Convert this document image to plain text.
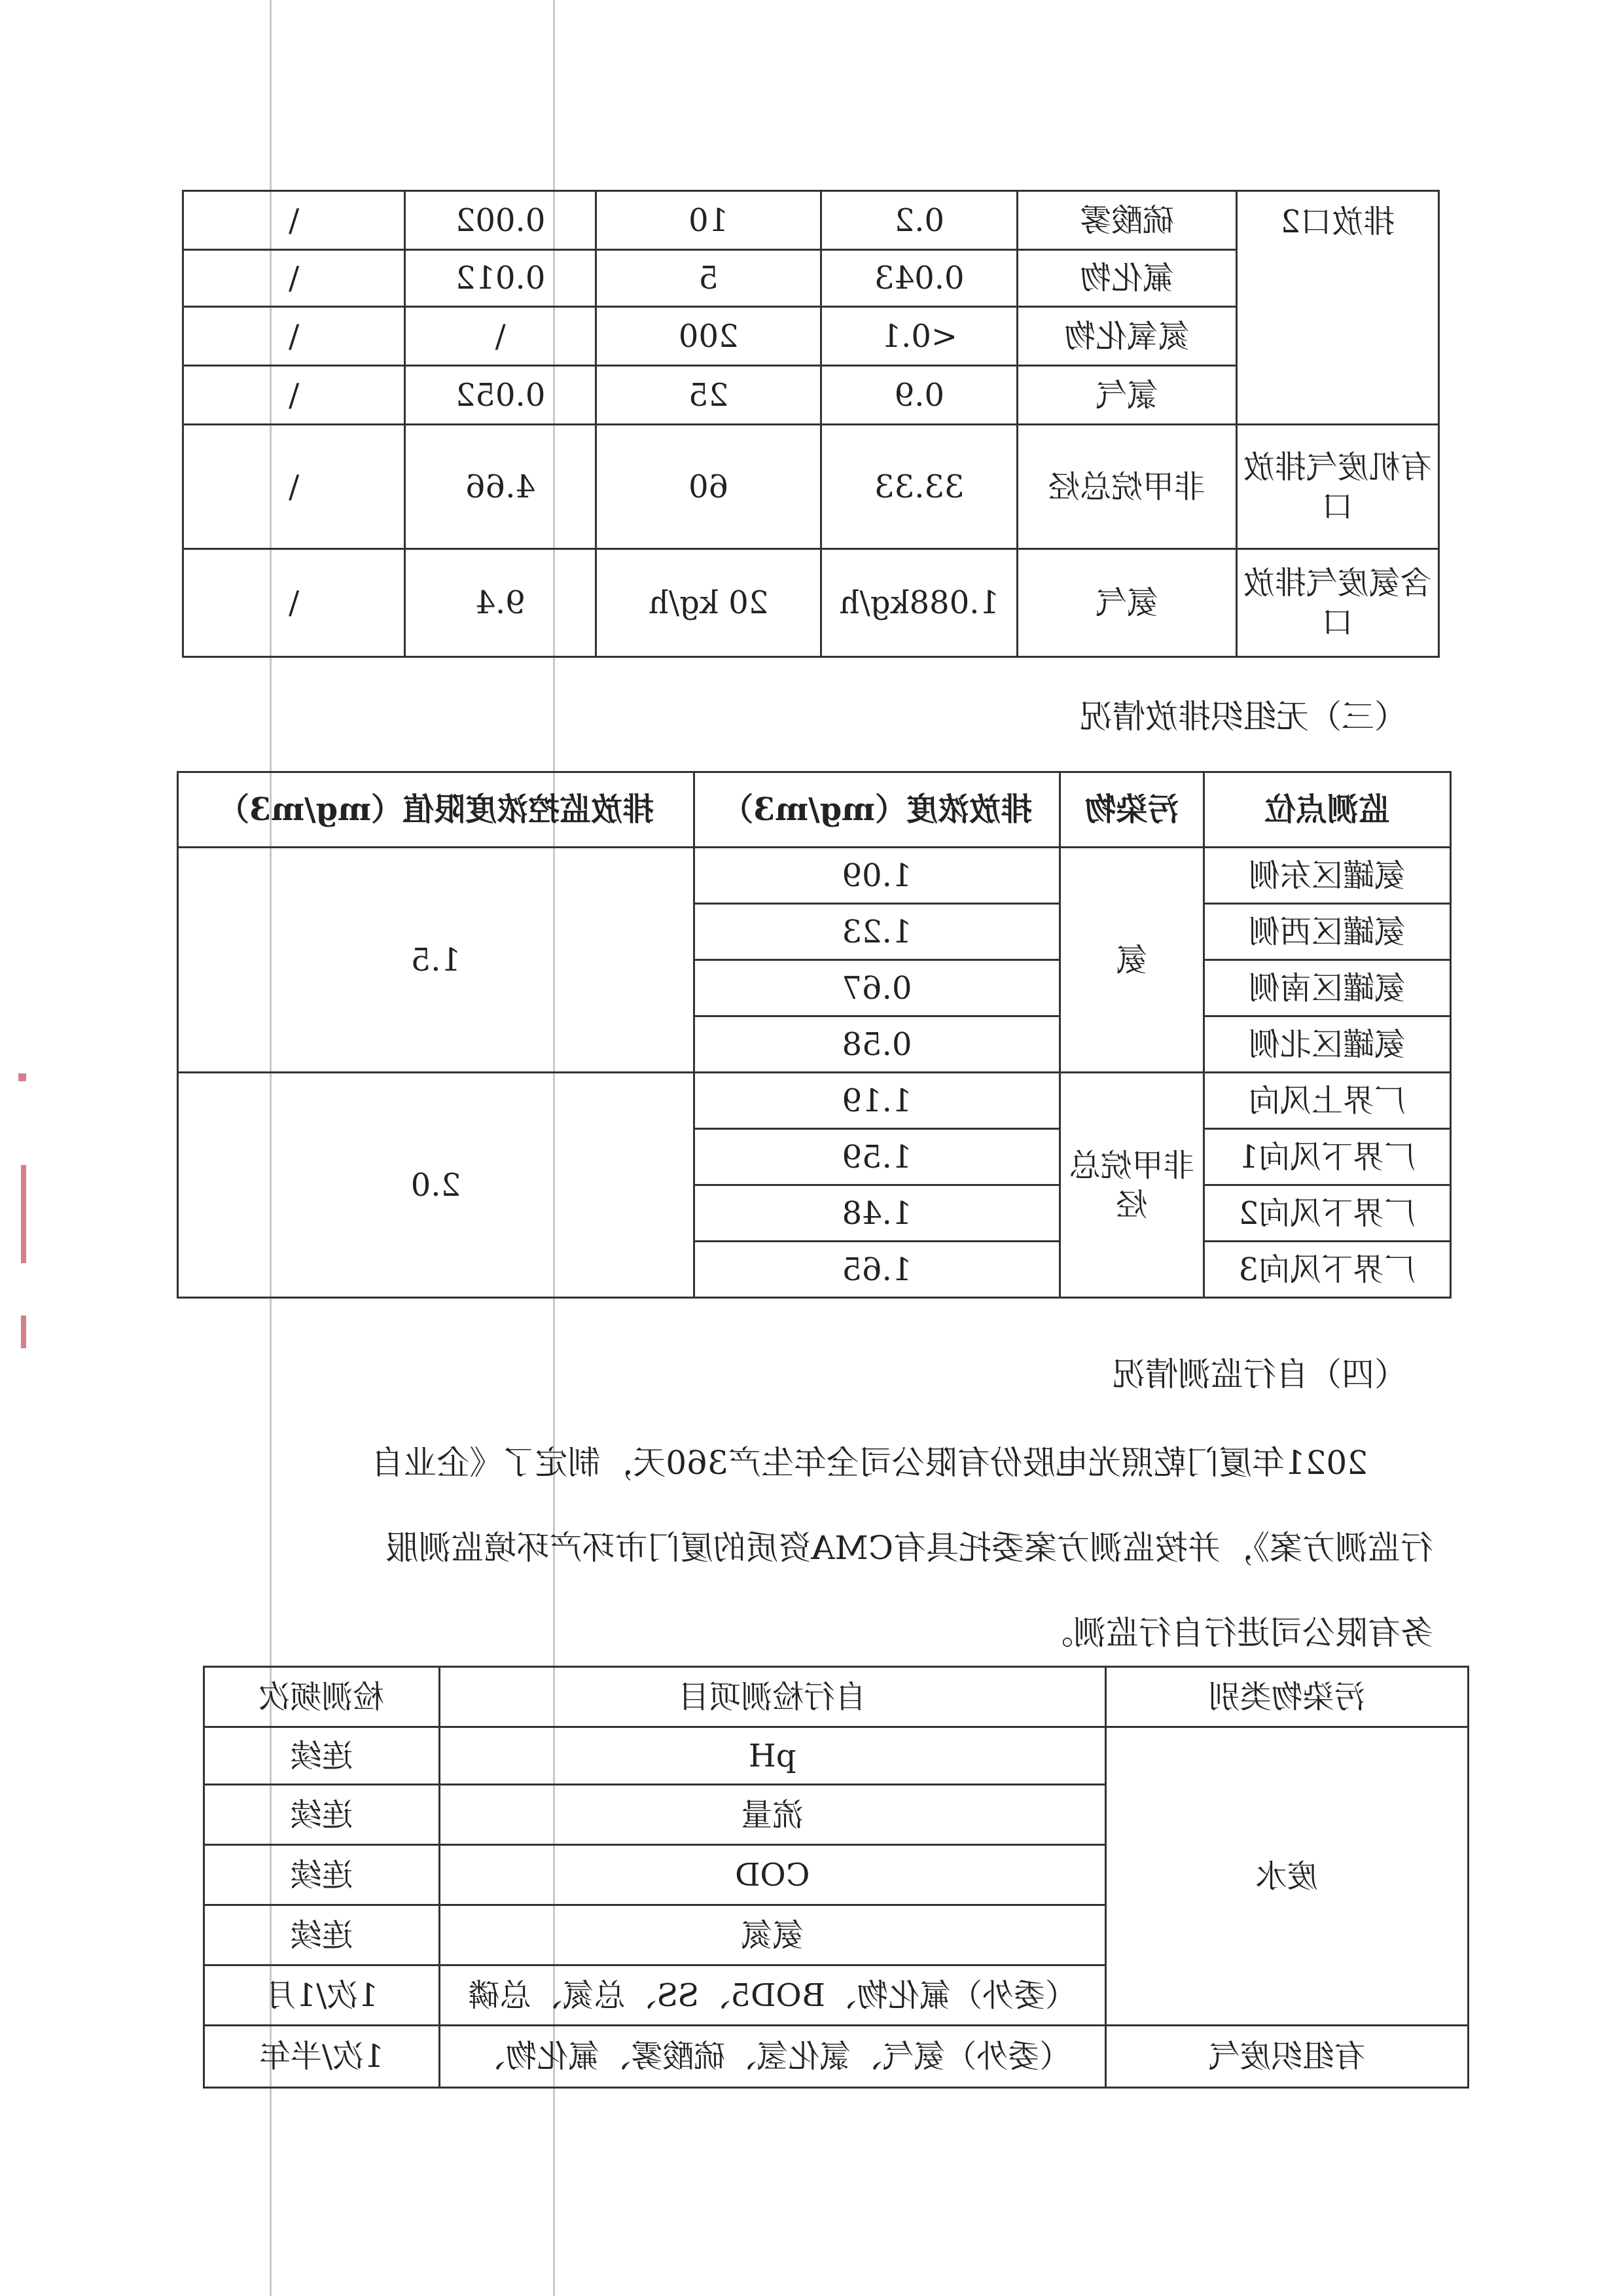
排放口2	硫酸雾	0.2	10	0.002	\
	氟化物	0.043	5	0.012	\
	氮氧化物	<0.1	200	\	\
	氯气	0.9	25	0.052	\
有机废气排放口	非甲烷总烃	33.33	60	4.66	\
含氨废气排放口	氨气	1.088kg/h	20 kg/h	9.4	\
（三）无组织排放情况
监测点位	污染物	排放浓度（mg/m3）	排放监控浓度限值（mg/m3）
氨罐区东侧	氨	1.09	1.5
氨罐区西侧		1.23	
氨罐区南侧		0.67	
氨罐区北侧		0.58	
厂界上风向	非甲烷总烃	1.19	2.0
厂界下风向1		1.59	
厂界下风向2		1.48	
厂界下风向3		1.65	
（四）自行监测情况
2021年厦门乾照光电股份有限公司全年生产360天，制定了《企业自
行监测方案》，并按监测方案委托具有CMA资质的厦门市环产环境监测服
务有限公司进行自行监测。
污染物类别	自行检测项目	检测频次
废水	pH	连续
	流量	连续
	COD	连续
	氨氮	连续
	（委外）氟化物、BOD5、SS、总氮、总磷	1次/1月
有组织废气	（委外）氨气、氯化氢、硫酸雾、氟化物、	1次/半年
